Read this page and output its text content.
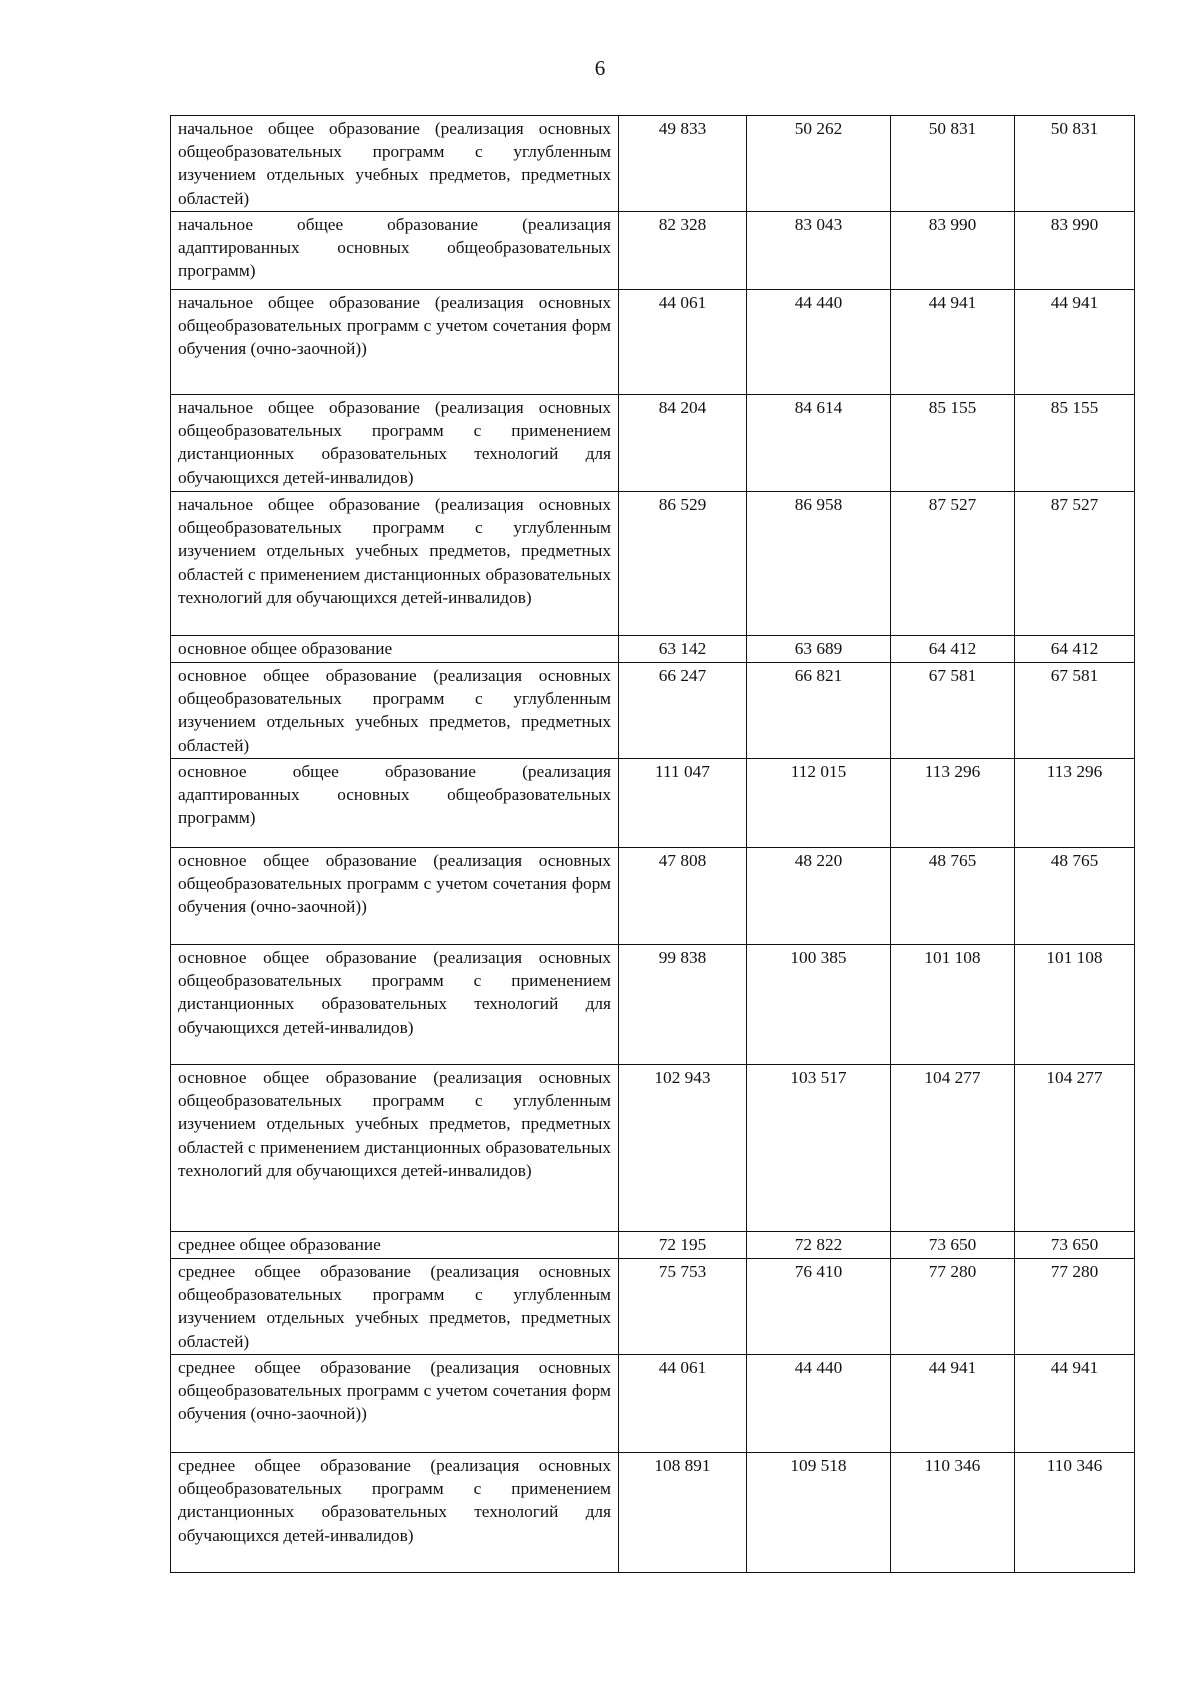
6
начальное общее образование (реализация основных общеобразовательных программ с углубленным изучением отдельных учебных предметов, предметных областей)	49 833	50 262	50 831	50 831
начальное общее образование (реализация адаптированных основных общеобразовательных программ)	82 328	83 043	83 990	83 990
начальное общее образование (реализация основных общеобразовательных программ с учетом сочетания форм обучения (очно-заочной))	44 061	44 440	44 941	44 941
начальное общее образование (реализация основных общеобразовательных программ с применением дистанционных образовательных технологий для обучающихся детей-инвалидов)	84 204	84 614	85 155	85 155
начальное общее образование (реализация основных общеобразовательных программ с углубленным изучением отдельных учебных предметов, предметных областей с применением дистанционных образовательных технологий для обучающихся детей-инвалидов)	86 529	86 958	87 527	87 527
основное общее образование	63 142	63 689	64 412	64 412
основное общее образование (реализация основных общеобразовательных программ с углубленным изучением отдельных учебных предметов, предметных областей)	66 247	66 821	67 581	67 581
основное общее образование (реализация адаптированных основных общеобразовательных программ)	111 047	112 015	113 296	113 296
основное общее образование (реализация основных общеобразовательных программ с учетом сочетания форм обучения (очно-заочной))	47 808	48 220	48 765	48 765
основное общее образование (реализация основных общеобразовательных программ с применением дистанционных образовательных технологий для обучающихся детей-инвалидов)	99 838	100 385	101 108	101 108
основное общее образование (реализация основных общеобразовательных программ с углубленным изучением отдельных учебных предметов, предметных областей с применением дистанционных образовательных технологий для обучающихся детей-инвалидов)	102 943	103 517	104 277	104 277
среднее общее образование	72 195	72 822	73 650	73 650
среднее общее образование (реализация основных общеобразовательных программ с углубленным изучением отдельных учебных предметов, предметных областей)	75 753	76 410	77 280	77 280
среднее общее образование (реализация основных общеобразовательных программ с учетом сочетания форм обучения (очно-заочной))	44 061	44 440	44 941	44 941
среднее общее образование (реализация основных общеобразовательных программ с применением дистанционных образовательных технологий для обучающихся детей-инвалидов)	108 891	109 518	110 346	110 346
